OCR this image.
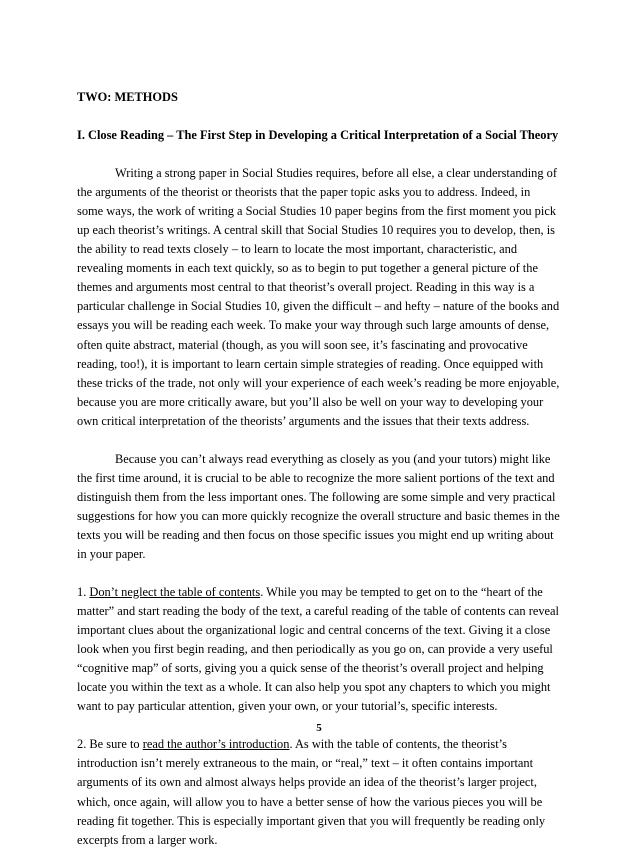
TWO: METHODS

I. Close Reading – The First Step in Developing a Critical Interpretation of a Social Theory

Writing a strong paper in Social Studies requires, before all else, a clear understanding of
the arguments of the theorist or theorists that the paper topic asks you to address. Indeed, in
some ways, the work of writing a Social Studies 10 paper begins from the first moment you pick
up each theorist’s writings. A central skill that Social Studies 10 requires you to develop, then, is
the ability to read texts closely – to learn to locate the most important, characteristic, and
revealing moments in each text quickly, so as to begin to put together a general picture of the
themes and arguments most central to that theorist’s overall project. Reading in this way is a
particular challenge in Social Studies 10, given the difficult – and hefty – nature of the books and
essays you will be reading each week. To make your way through such large amounts of dense,
often quite abstract, material (though, as you will soon see, it’s fascinating and provocative
reading, too!), it is important to learn certain simple strategies of reading. Once equipped with
these tricks of the trade, not only will your experience of each week’s reading be more enjoyable,
because you are more critically aware, but you’ll also be well on your way to developing your
own critical interpretation of the theorists’ arguments and the issues that their texts address.
Because you can’t always read everything as closely as you (and your tutors) might like
the first time around, it is crucial to be able to recognize the more salient portions of the text and
distinguish them from the less important ones. The following are some simple and very practical
suggestions for how you can more quickly recognize the overall structure and basic themes in the
texts you will be reading and then focus on those specific issues you might end up writing about
in your paper.
1. Don’t neglect the table of contents. While you may be tempted to get on to the “heart of the
matter” and start reading the body of the text, a careful reading of the table of contents can reveal
important clues about the organizational logic and central concerns of the text. Giving it a close
look when you first begin reading, and then periodically as you go on, can provide a very useful
“cognitive map” of sorts, giving you a quick sense of the theorist’s overall project and helping
locate you within the text as a whole. It can also help you spot any chapters to which you might
want to pay particular attention, given your own, or your tutorial’s, specific interests.
2. Be sure to read the author’s introduction. As with the table of contents, the theorist’s
introduction isn’t merely extraneous to the main, or “real,” text – it often contains important
arguments of its own and almost always helps provide an idea of the theorist’s larger project,
which, once again, will allow you to have a better sense of how the various pieces you will be
reading fit together. This is especially important given that you will frequently be reading only
excerpts from a larger work.
5
